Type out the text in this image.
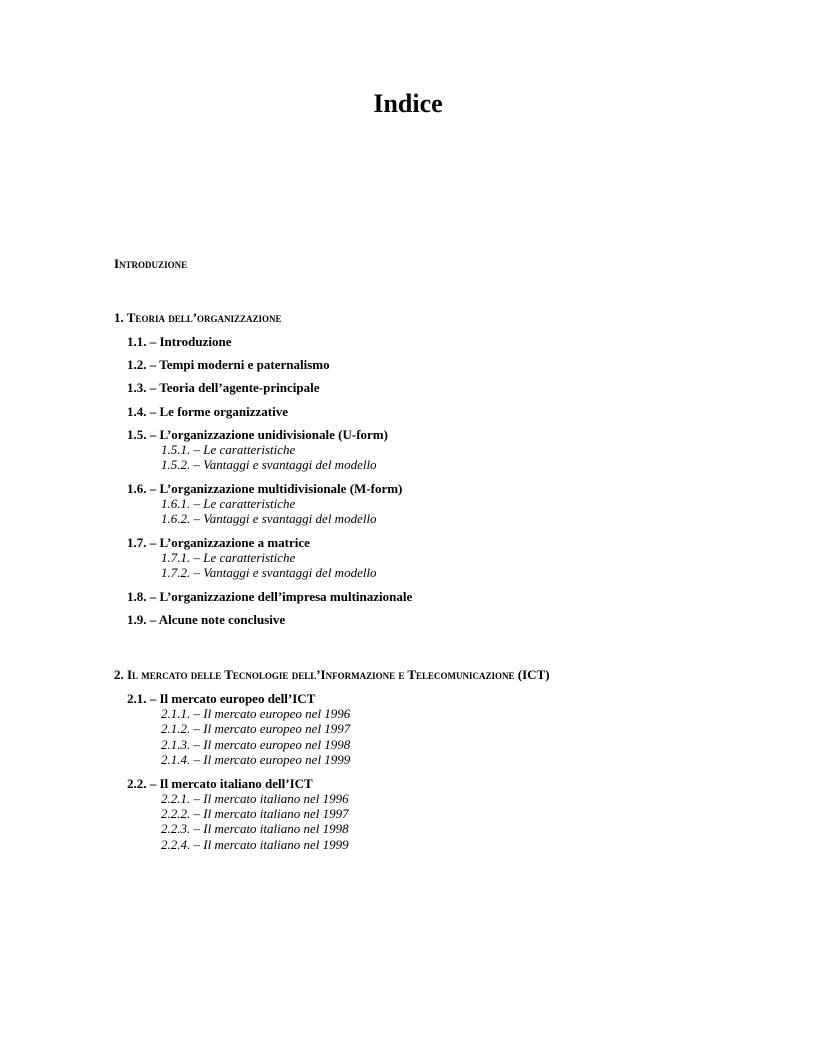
Indice
Introduzione
1. Teoria dell’organizzazione
1.1. – Introduzione
1.2. – Tempi moderni e paternalismo
1.3. – Teoria dell’agente-principale
1.4. – Le forme organizzative
1.5. – L’organizzazione unidivisionale (U-form)
1.5.1. – Le caratteristiche
1.5.2. – Vantaggi e svantaggi del modello
1.6. – L’organizzazione multidivisionale (M-form)
1.6.1. – Le caratteristiche
1.6.2. – Vantaggi e svantaggi del modello
1.7. – L’organizzazione a matrice
1.7.1. – Le caratteristiche
1.7.2. – Vantaggi e svantaggi del modello
1.8. – L’organizzazione dell’impresa multinazionale
1.9. – Alcune note conclusive
2. Il mercato delle Tecnologie dell’Informazione e Telecomunicazione (ICT)
2.1. – Il mercato europeo dell’ICT
2.1.1. – Il mercato europeo nel 1996
2.1.2. – Il mercato europeo nel 1997
2.1.3. – Il mercato europeo nel 1998
2.1.4. – Il mercato europeo nel 1999
2.2. – Il mercato italiano dell’ICT
2.2.1. – Il mercato italiano nel 1996
2.2.2. – Il mercato italiano nel 1997
2.2.3. – Il mercato italiano nel 1998
2.2.4. – Il mercato italiano nel 1999
